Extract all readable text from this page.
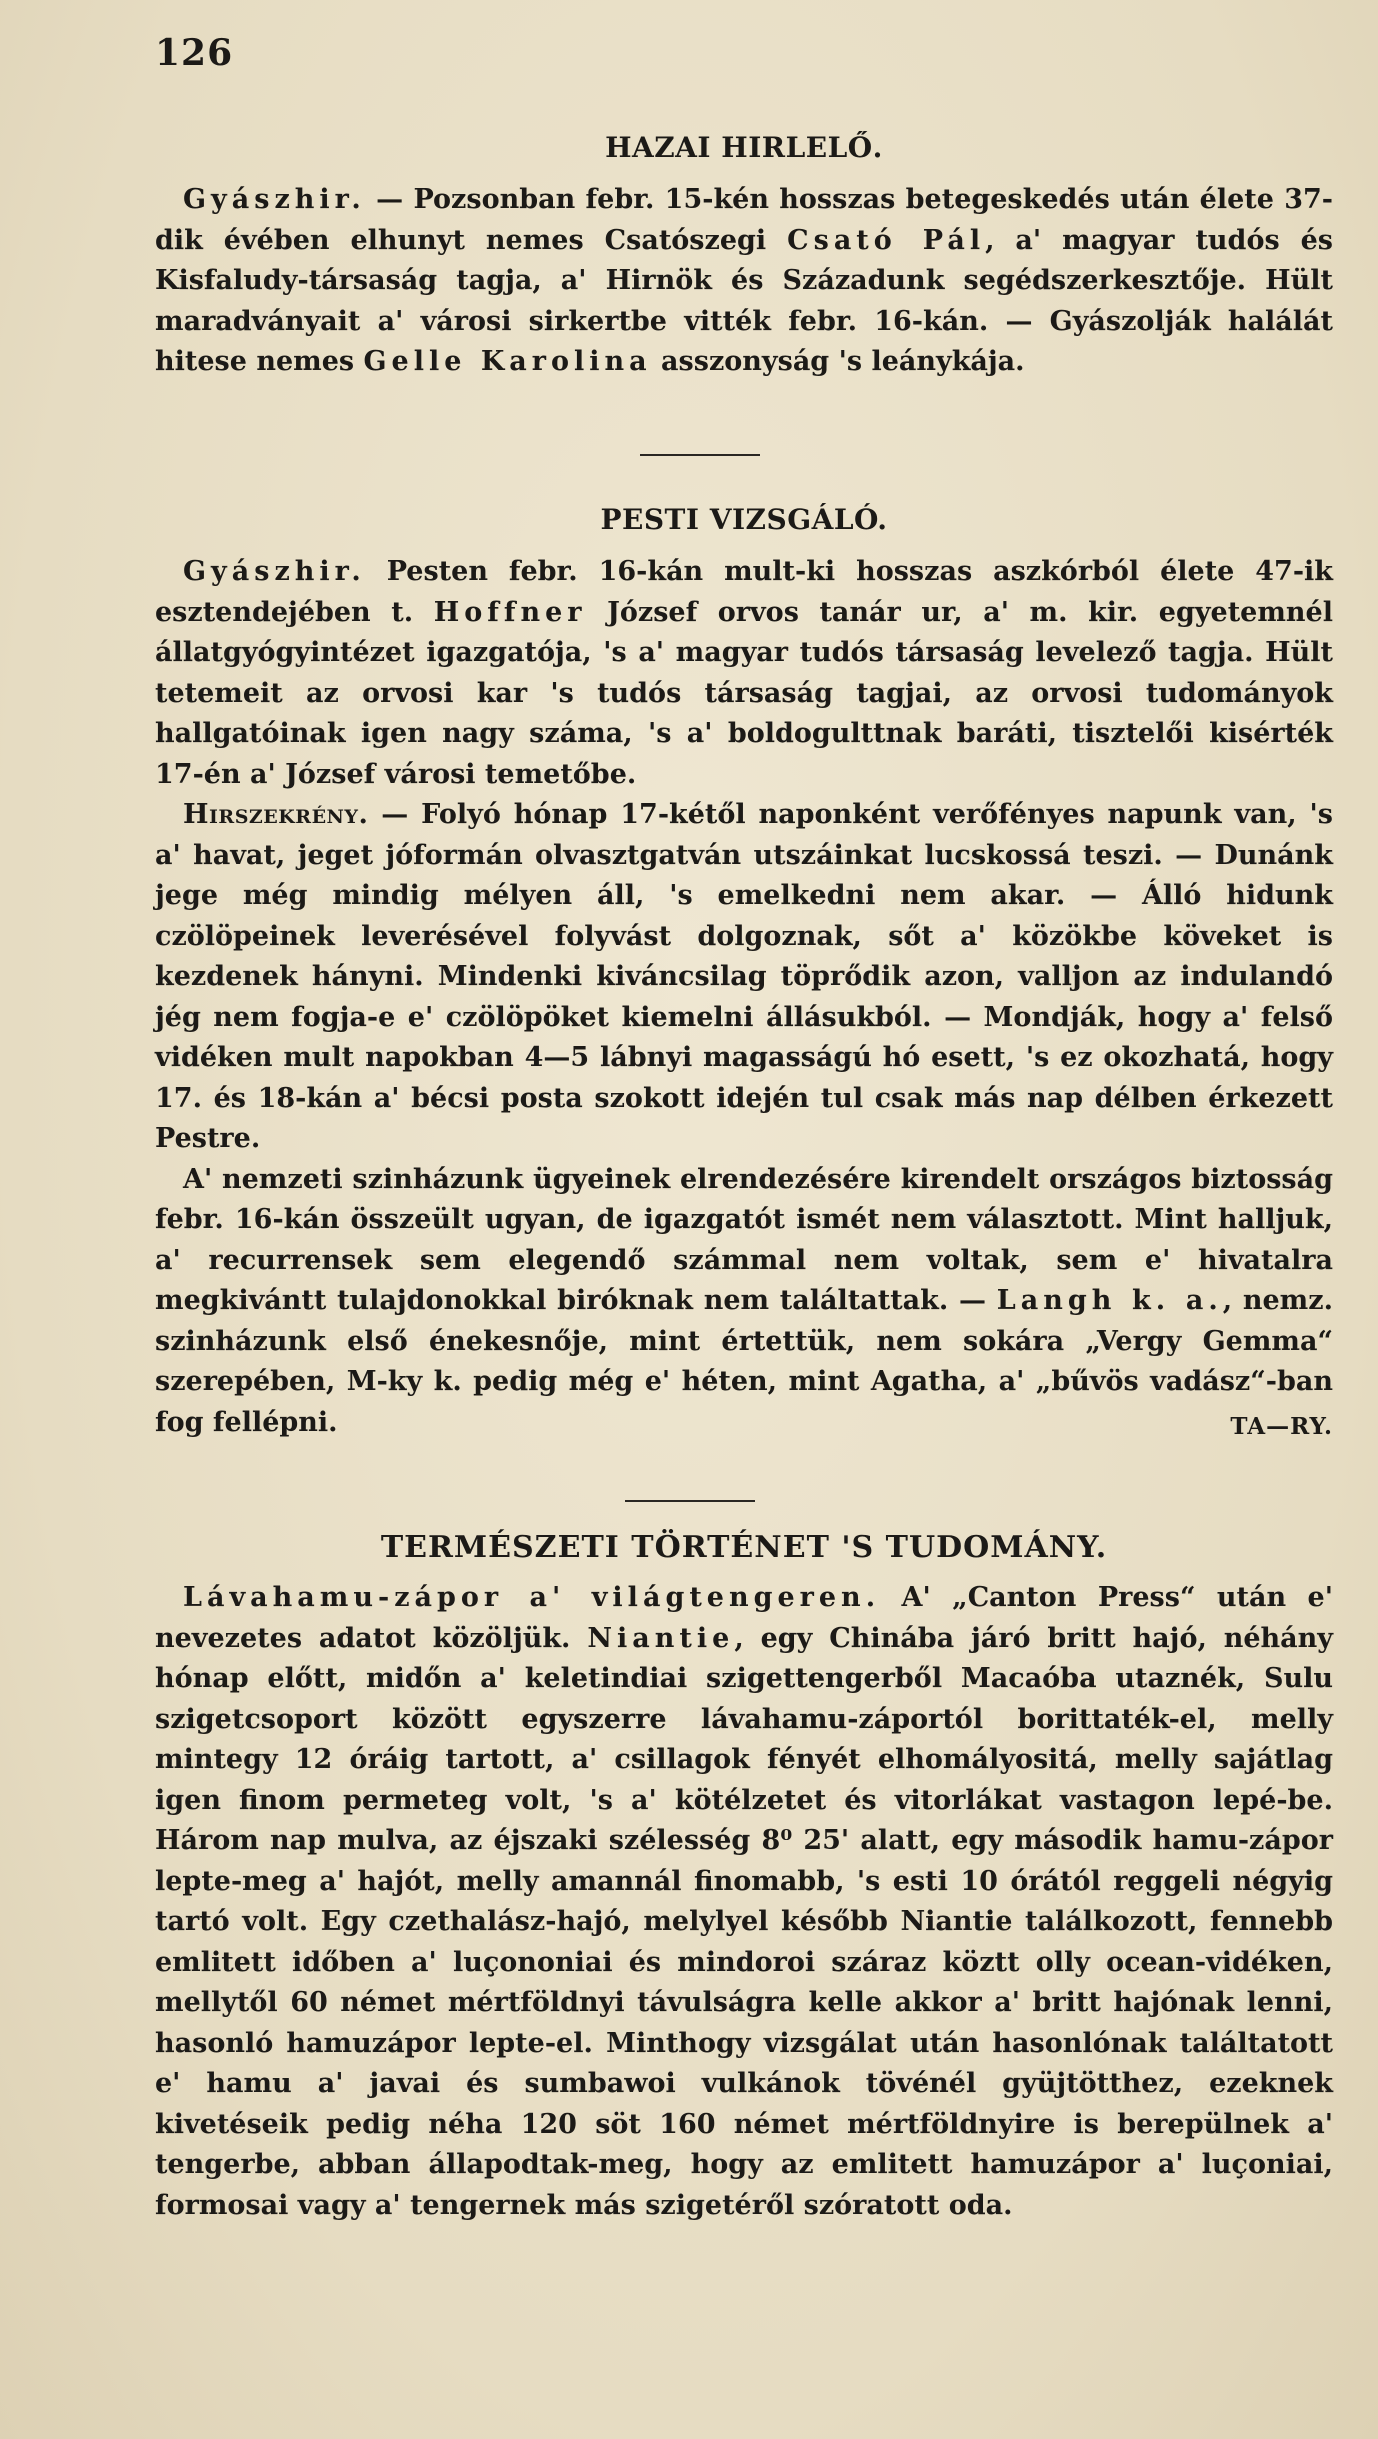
126
HAZAI HIRLELŐ.

Gyászhir. — Pozsonban febr. 15-kén hosszas betegeskedés után élete 37-dik évében elhunyt nemes Csatószegi Csató Pál, a' magyar tudós és Kisfaludy-társaság tagja, a' Hirnök és Századunk segédszerkesztője. Hült maradványait a' városi sirkertbe vitték febr. 16-kán. — Gyászolják halálát hitese nemes Gelle Karolina asszonyság 's leánykája.

PESTI VIZSGÁLÓ.

Gyászhir. Pesten febr. 16-kán mult-ki hosszas aszkórból élete 47-ik esztendejében t. Hoffner József orvos tanár ur, a' m. kir. egyetemnél állatgyógyintézet igazgatója, 's a' magyar tudós társaság levelező tagja. Hült tetemeit az orvosi kar 's tudós társaság tagjai, az orvosi tudományok hallgatóinak igen nagy száma, 's a' boldogulttnak baráti, tisztelői kisérték 17-én a' József városi temetőbe.

Hirszekrény. — Folyó hónap 17-kétől naponként verőfényes napunk van, 's a' havat, jeget jóformán olvasztgatván utszáinkat lucskossá teszi. — Dunánk jege még mindig mélyen áll, 's emelkedni nem akar. — Álló hidunk czölöpeinek leverésével folyvást dolgoznak, sőt a' közökbe köveket is kezdenek hányni. Mindenki kiváncsilag töprődik azon, valljon az indulandó jég nem fogja-e e' czölöpöket kiemelni állásukból. — Mondják, hogy a' felső vidéken mult napokban 4—5 lábnyi magasságú hó esett, 's ez okozhatá, hogy 17. és 18-kán a' bécsi posta szokott idején tul csak más nap délben érkezett Pestre.

A' nemzeti szinházunk ügyeinek elrendezésére kirendelt országos biztosság febr. 16-kán összeült ugyan, de igazgatót ismét nem választott. Mint halljuk, a' recurrensek sem elegendő számmal nem voltak, sem e' hivatalra megkivántt tulajdonokkal biróknak nem találtattak. — Langh k. a., nemz. szinházunk első énekesnője, mint értettük, nem sokára „Vergy Gemma“ szerepében, M-ky k. pedig még e' héten, mint Agatha, a' „bűvös vadász“-ban fog fellépni.	TA—RY.

TERMÉSZETI TÖRTÉNET 'S TUDOMÁNY.

Lávahamu-zápor a' világtengeren. A' „Canton Press“ után e' nevezetes adatot közöljük. Niantie, egy Chinába járó britt hajó, néhány hónap előtt, midőn a' keletindiai szigettengerből Macaóba utaznék, Sulu szigetcsoport között egyszerre lávahamu-záportól borittaték-el, melly mintegy 12 óráig tartott, a' csillagok fényét elhomályositá, melly sajátlag igen finom permeteg volt, 's a' kötélzetet és vitorlákat vastagon lepé-be. Három nap mulva, az éjszaki szélesség 8⁰ 25' alatt, egy második hamu-zápor lepte-meg a' hajót, melly amannál finomabb, 's esti 10 órától reggeli négyig tartó volt. Egy czethalász-hajó, melylyel később Niantie találkozott, fennebb emlitett időben a' luçononiai és mindoroi száraz köztt olly ocean-vidéken, mellytől 60 német mértföldnyi távulságra kelle akkor a' britt hajónak lenni, hasonló hamuzápor lepte-el. Minthogy vizsgálat után hasonlónak találtatott e' hamu a' javai és sumbawoi vulkánok tövénél gyüjtötthez, ezeknek kivetéseik pedig néha 120 söt 160 német mértföldnyire is berepülnek a' tengerbe, abban állapodtak-meg, hogy az emlitett hamuzápor a' luçoniai, formosai vagy a' tengernek más szigetéről szóratott oda.
